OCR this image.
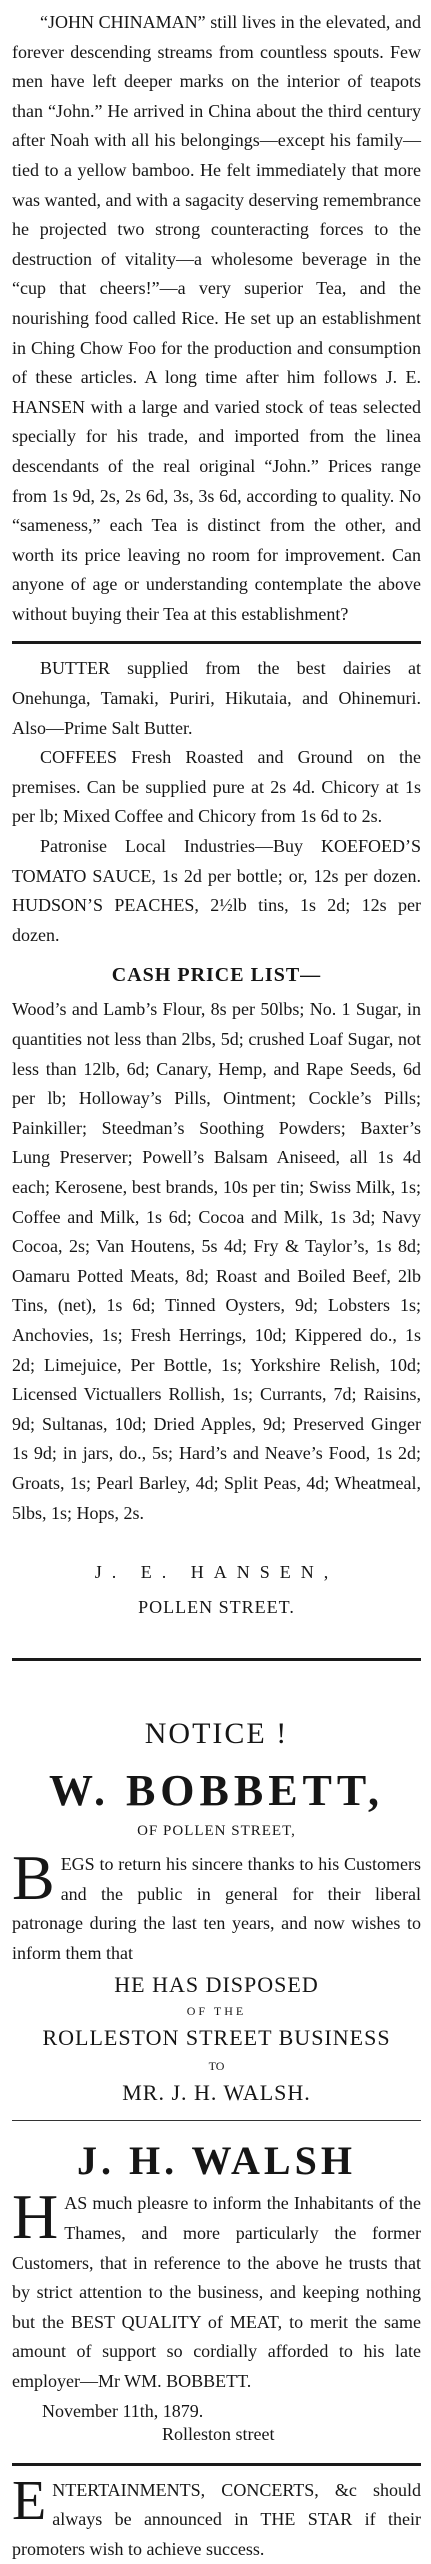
“JOHN CHINAMAN” still lives in the elevated, and forever descending streams from countless spouts. Few men have left deeper marks on the interior of teapots than “John.” He arrived in China about the third century after Noah with all his belongings—except his family—tied to a yellow bamboo. He felt immediately that more was wanted, and with a sagacity deserving remembrance he projected two strong counteracting forces to the destruction of vitality—a wholesome beverage in the “cup that cheers!”—a very superior Tea, and the nourishing food called Rice. He set up an establishment in Ching Chow Foo for the production and consumption of these articles. A long time after him follows J. E. HANSEN with a large and varied stock of teas selected specially for his trade, and imported from the linea descendants of the real original “John.” Prices range from 1s 9d, 2s, 2s 6d, 3s, 3s 6d, according to quality. No “sameness,” each Tea is distinct from the other, and worth its price leaving no room for improvement. Can anyone of age or understanding contemplate the above without buying their Tea at this establishment?

BUTTER supplied from the best dairies at Onehunga, Tamaki, Puriri, Hikutaia, and Ohinemuri. Also—Prime Salt Butter.

COFFEES Fresh Roasted and Ground on the premises. Can be supplied pure at 2s 4d. Chicory at 1s per lb; Mixed Coffee and Chicory from 1s 6d to 2s.

Patronise Local Industries—Buy KOEFOED’S TOMATO SAUCE, 1s 2d per bottle; or, 12s per dozen. HUDSON’S PEACHES, 2½lb tins, 1s 2d; 12s per dozen.

CASH PRICE LIST—

Wood’s and Lamb’s Flour, 8s per 50lbs; No. 1 Sugar, in quantities not less than 2lbs, 5d; crushed Loaf Sugar, not less than 12lb, 6d; Canary, Hemp, and Rape Seeds, 6d per lb; Holloway’s Pills, Ointment; Cockle’s Pills; Painkiller; Steedman’s Soothing Powders; Baxter’s Lung Preserver; Powell’s Balsam Aniseed, all 1s 4d each; Kerosene, best brands, 10s per tin; Swiss Milk, 1s; Coffee and Milk, 1s 6d; Cocoa and Milk, 1s 3d; Navy Cocoa, 2s; Van Houtens, 5s 4d; Fry & Taylor’s, 1s 8d; Oamaru Potted Meats, 8d; Roast and Boiled Beef, 2lb Tins, (net), 1s 6d; Tinned Oysters, 9d; Lobsters 1s; Anchovies, 1s; Fresh Herrings, 10d; Kippered do., 1s 2d; Limejuice, Per Bottle, 1s; Yorkshire Relish, 10d; Licensed Victuallers Rollish, 1s; Currants, 7d; Raisins, 9d; Sultanas, 10d; Dried Apples, 9d; Preserved Ginger 1s 9d; in jars, do., 5s; Hard’s and Neave’s Food, 1s 2d; Groats, 1s; Pearl Barley, 4d; Split Peas, 4d; Wheatmeal, 5lbs, 1s; Hops, 2s.

J. E. HANSEN,
POLLEN STREET.
NOTICE !
W. BOBBETT,
OF POLLEN STREET,

B EGS to return his sincere thanks to his Customers and the public in general for their liberal patronage during the last ten years, and now wishes to inform them that

HE HAS DISPOSED
OF THE
ROLLESTON STREET BUSINESS
TO
MR. J. H. WALSH.
J. H. WALSH

H AS much pleasre to inform the Inhabitants of the Thames, and more particularly the former Customers, that in reference to the above he trusts that by strict attention to the business, and keeping nothing but the BEST QUALITY of MEAT, to merit the same amount of support so cordially afforded to his late employer—Mr WM. BOBBETT.

November 11th, 1879.
Rolleston street

E NTERTAINMENTS, CONCERTS, &c should always be announced in THE STAR if their promoters wish to achieve success.
